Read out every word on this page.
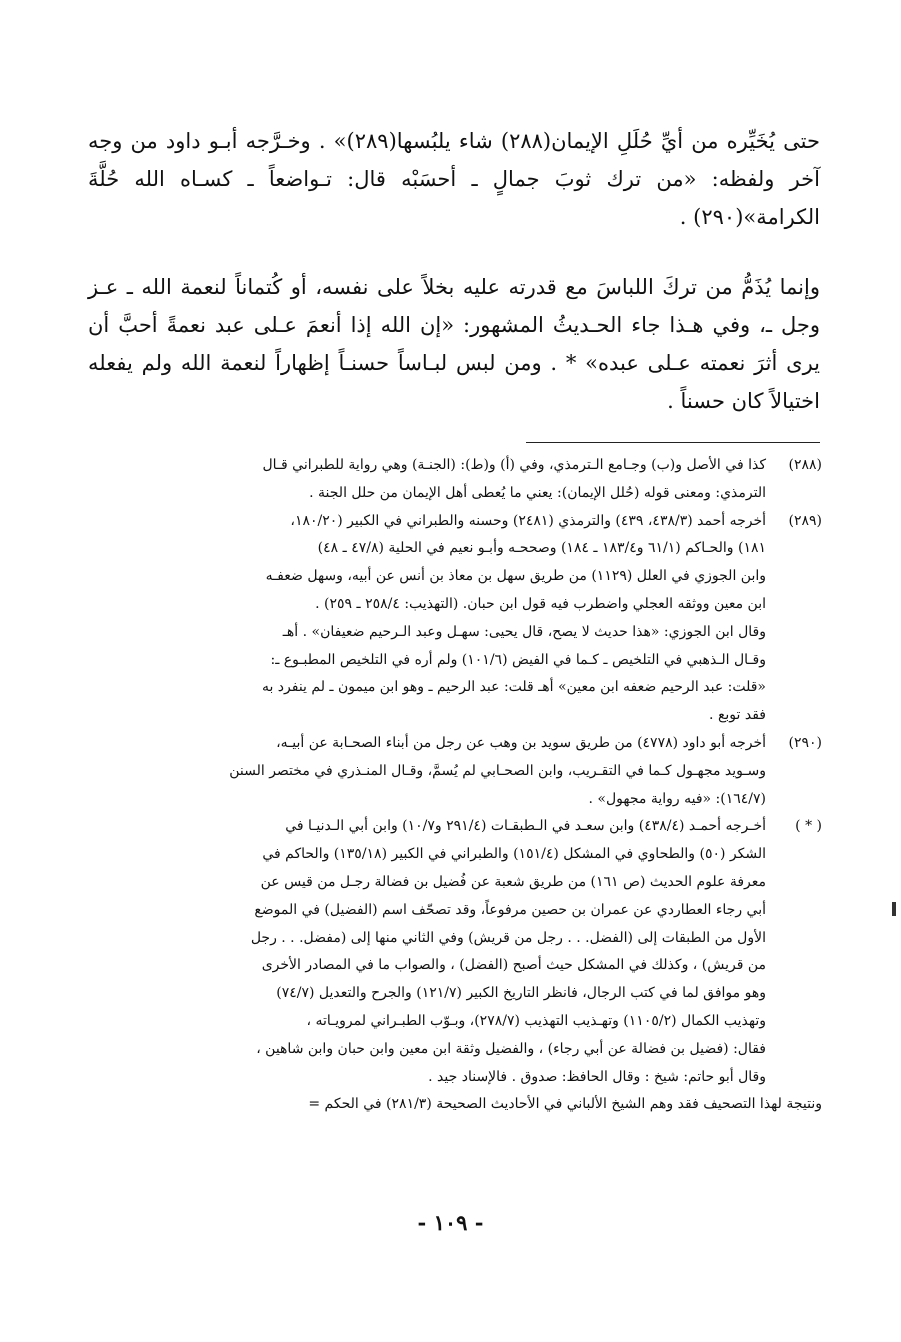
حتى يُخَيِّره من أيِّ حُلَلِ الإيمان(٢٨٨) شاء يلبُسها(٢٨٩)» . وخـرَّجه أبـو داود من وجه آخر ولفظه: «من ترك ثوبَ جمالٍ ـ أحسَبْه قال: تـواضعاً ـ كسـاه الله حُلَّةَ الكرامة»(٢٩٠) .

وإنما يُذَمُّ من تركَ اللباسَ مع قدرته عليه بخلاً على نفسه، أو كُتماناً لنعمة الله ـ عـز وجل ـ، وفي هـذا جاء الحـديثُ المشهور: «إن الله إذا أنعمَ عـلى عبد نعمةً أحبَّ أن يرى أثرَ نعمته عـلى عبده» * . ومن لبس لبـاساً حسنـاً إظهاراً لنعمة الله ولم يفعله اختيالاً كان حسناً .

(٢٨٨)

كذا في الأصل و(ب) وجـامع الـترمذي، وفي (أ) و(ط): (الجنـة) وهي رواية للطبراني قـال

الترمذي: ومعنى قوله (حُلل الإيمان): يعني ما يُعطى أهل الإيمان من حلل الجنة .

(٢٨٩)

أخرجه أحمد (٤٣٨/٣، ٤٣٩) والترمذي (٢٤٨١) وحسنه والطبراني في الكبير (١٨٠/٢٠،

١٨١) والحـاكم (٦١/١ و١٨٣/٤ ـ ١٨٤) وصححـه وأبـو نعيم في الحلية (٤٧/٨ ـ ٤٨)

وابن الجوزي في العلل (١١٢٩) من طريق سهل بن معاذ بن أنس عن أبيه، وسهل ضعفـه

ابن معين ووثقه العجلي واضطرب فيه قول ابن حبان. (التهذيب: ٢٥٨/٤ ـ ٢٥٩) .

وقال ابن الجوزي: «هذا حديث لا يصح، قال يحيى: سهـل وعبد الـرحيم ضعيفان» . أهـ

وقـال الـذهبي في التلخيص ـ كـما في الفيض (١٠١/٦) ولم أره في التلخيص المطبـوع ـ:

«قلت: عبد الرحيم ضعفه ابن معين» أهـ قلت: عبد الرحيم ـ وهو ابن ميمون ـ لم ينفرد به

فقد توبع .

(٢٩٠)

أخرجه أبو داود (٤٧٧٨) من طريق سويد بن وهب عن رجل من أبناء الصحـابة عن أبيـه،

وسـويد مجهـول كـما في التقـريب، وابن الصحـابي لم يُسمَّ، وقـال المنـذري في مختصر السنن

(١٦٤/٧): «فيه رواية مجهول» .

( * )

أخـرجه أحمـد (٤٣٨/٤) وابن سعـد في الـطبقـات (٢٩١/٤ و١٠/٧) وابن أبي الـدنيـا في

الشكر (٥٠) والطحاوي في المشكل (١٥١/٤) والطبراني في الكبير (١٣٥/١٨) والحاكم في

معرفة علوم الحديث (ص ١٦١) من طريق شعبة عن فُضيل بن فضالة رجـل من قيس عن

أبي رجاء العطاردي عن عمران بن حصين مرفوعاً، وقد تصحّف اسم (الفضيل) في الموضع

الأول من الطبقات إلى (الفضل. . . رجل من قريش) وفي الثاني منها إلى (مفضل. . . رجل

من قريش) ، وكذلك في المشكل حيث أصبح (الفضل) ، والصواب ما في المصادر الأخرى

وهو موافق لما في كتب الرجال، فانظر التاريخ الكبير (١٢١/٧) والجرح والتعديل (٧٤/٧)

وتهذيب الكمال (١١٠٥/٢) وتهـذيب التهذيب (٢٧٨/٧)، وبـوّب الطبـراني لمرويـاته ،

فقال: (فضيل بن فضالة عن أبي رجاء) ، والفضيل وثقة ابن معين وابن حبان وابن شاهين ،

وقال أبو حاتم: شيخ : وقال الحافظ: صدوق . فالإسناد جيد .

ونتيجة لهذا التصحيف فقد وهم الشيخ الألباني في الأحاديث الصحيحة (٢٨١/٣) في الحكم =

- ١٠٩ -
